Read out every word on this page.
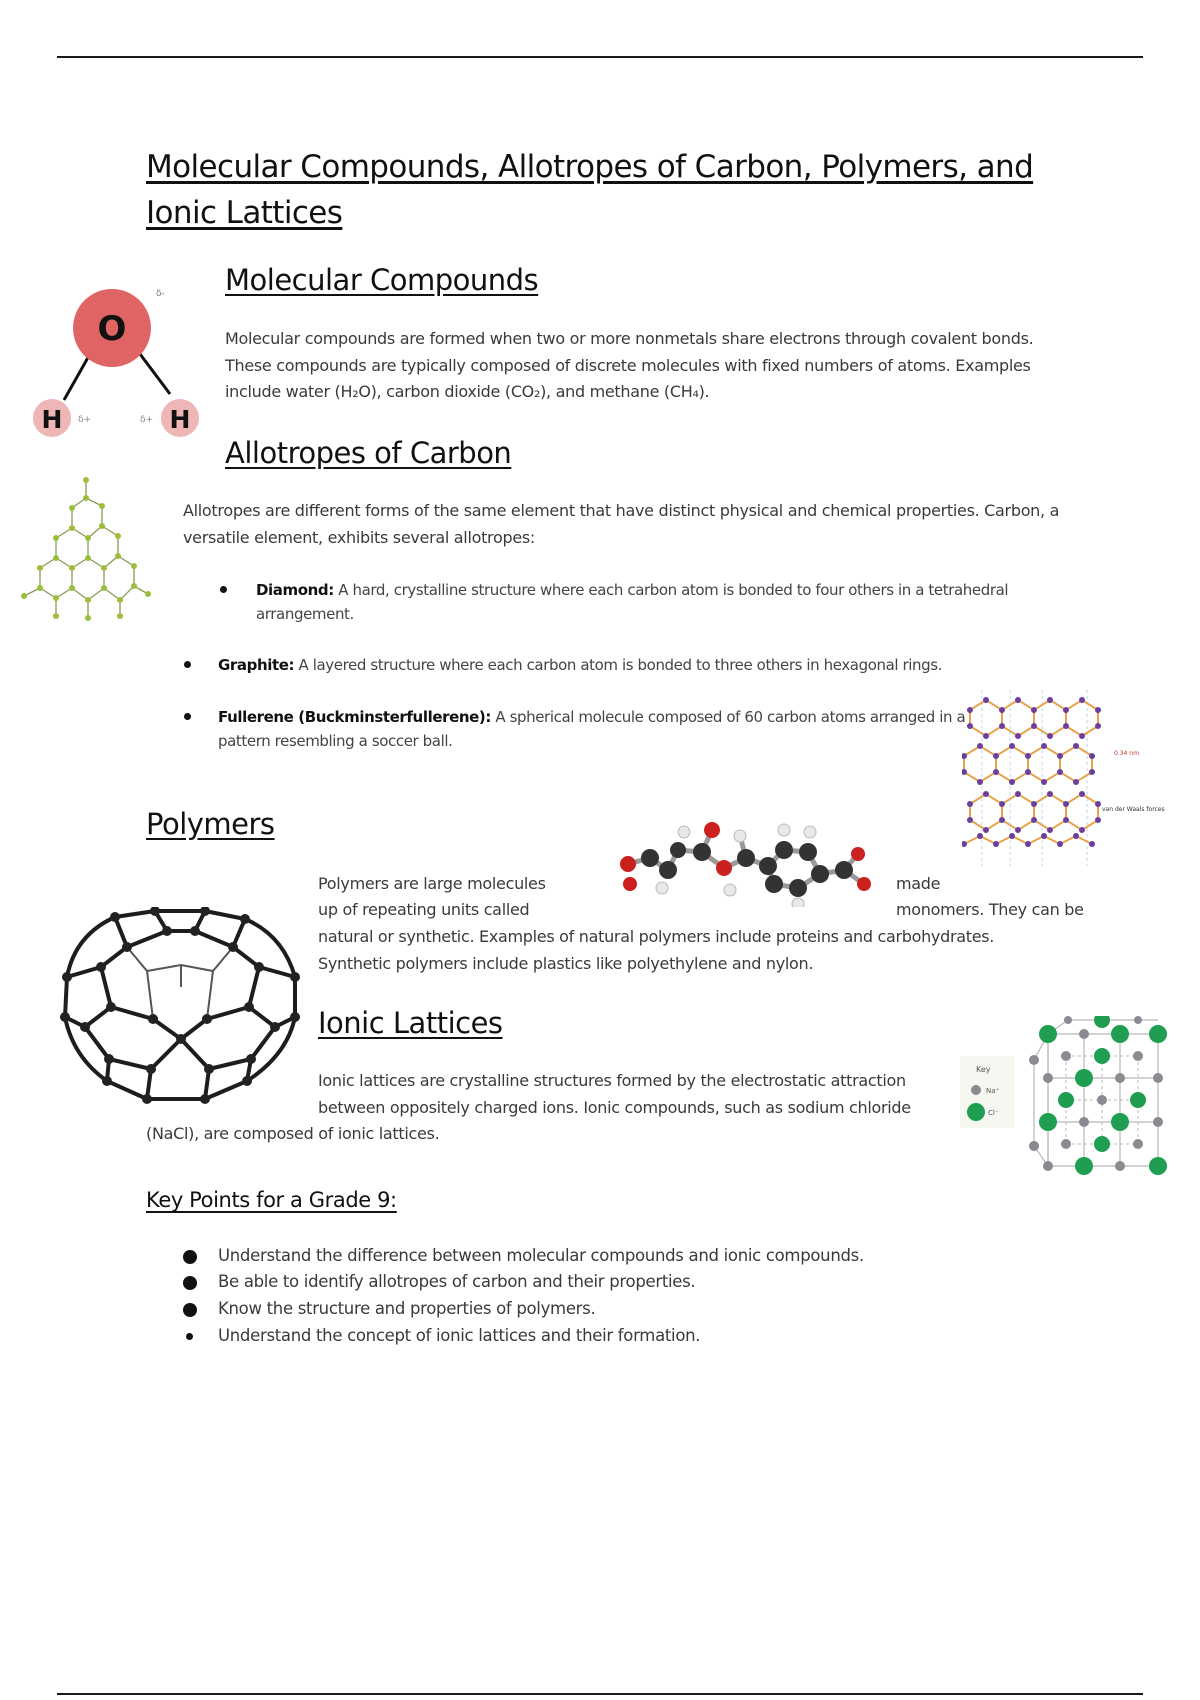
Molecular Compounds, Allotropes of Carbon, Polymers, and Ionic Lattices
O
δ-
H δ+	H
δ+
Molecular Compounds

Molecular compounds are formed when two or more nonmetals share electrons through covalent bonds.

These compounds are typically composed of discrete molecules with fixed numbers of atoms. Examples

include water (H₂O), carbon dioxide (CO₂), and methane (CH₄).

Allotropes of Carbon

Allotropes are different forms of the same element that have distinct physical and chemical properties. Carbon, a

versatile element, exhibits several allotropes:

Diamond: A hard, crystalline structure where each carbon atom is bonded to four others in a tetrahedral
arrangement.
Graphite: A layered structure where each carbon atom is bonded to three others in hexagonal rings.
Fullerene (Buckminsterfullerene): A spherical molecule composed of 60 carbon atoms arranged in a
pattern resembling a soccer ball.
0.34 nm
van der Waals forces
Polymers
Polymers are large molecules	made
up of repeating units called	monomers. They can be
natural or synthetic. Examples of natural polymers include proteins and carbohydrates.
Synthetic polymers include plastics like polyethylene and nylon.
Ionic Lattices
Ionic lattices are crystalline structures formed by the electrostatic attraction
between oppositely charged ions. Ionic compounds, such as sodium chloride
(NaCl), are composed of ionic lattices.
Key
Na⁺
Cl⁻
Key Points for a Grade 9:
Understand the difference between molecular compounds and ionic compounds.
Be able to identify allotropes of carbon and their properties.
Know the structure and properties of polymers.
Understand the concept of ionic lattices and their formation.
